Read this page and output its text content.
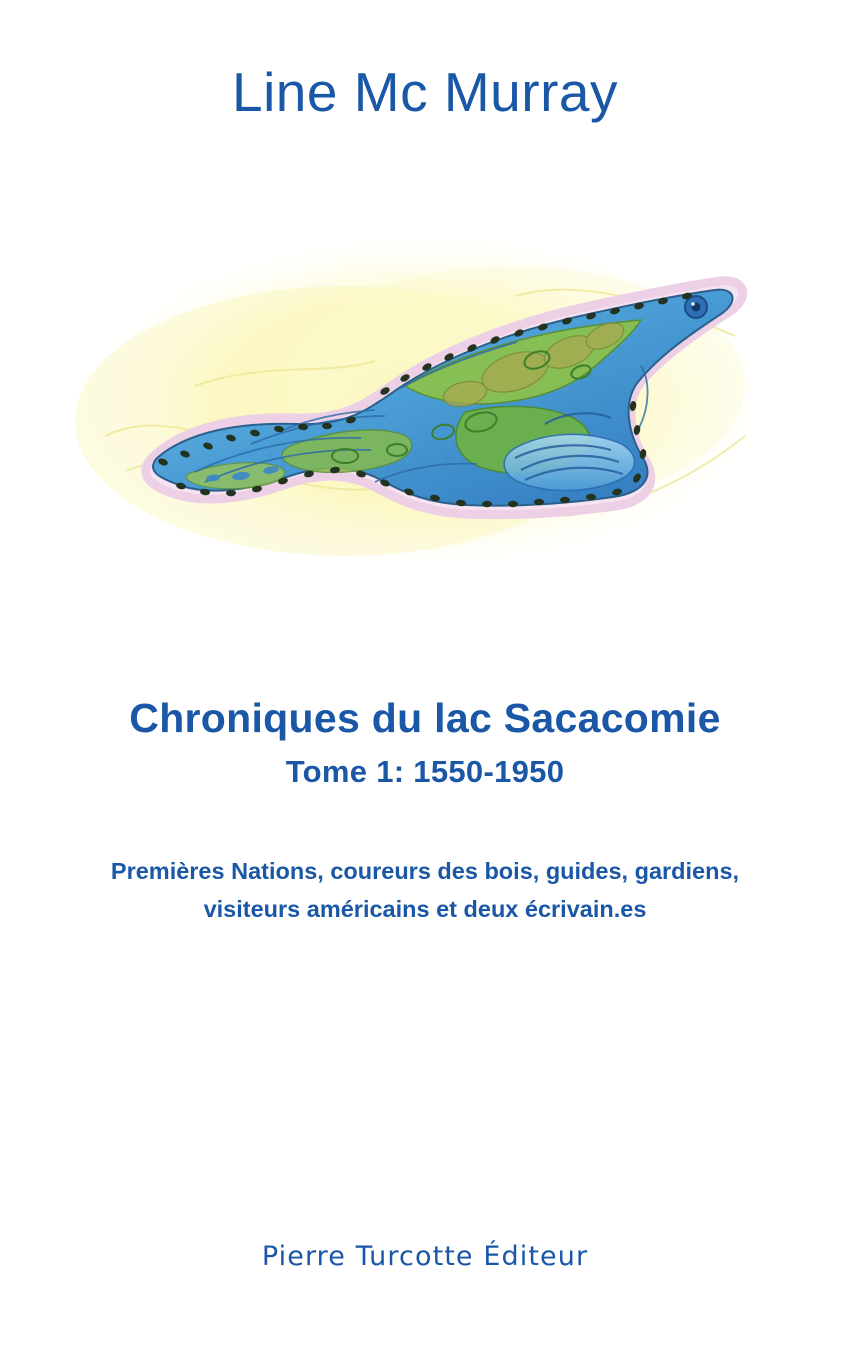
Line Mc Murray
Chroniques du lac Sacacomie
Tome 1: 1550-1950
Premières Nations, coureurs des bois, guides, gardiens, visiteurs américains et deux écrivain.es
Pierre Turcotte Éditeur
